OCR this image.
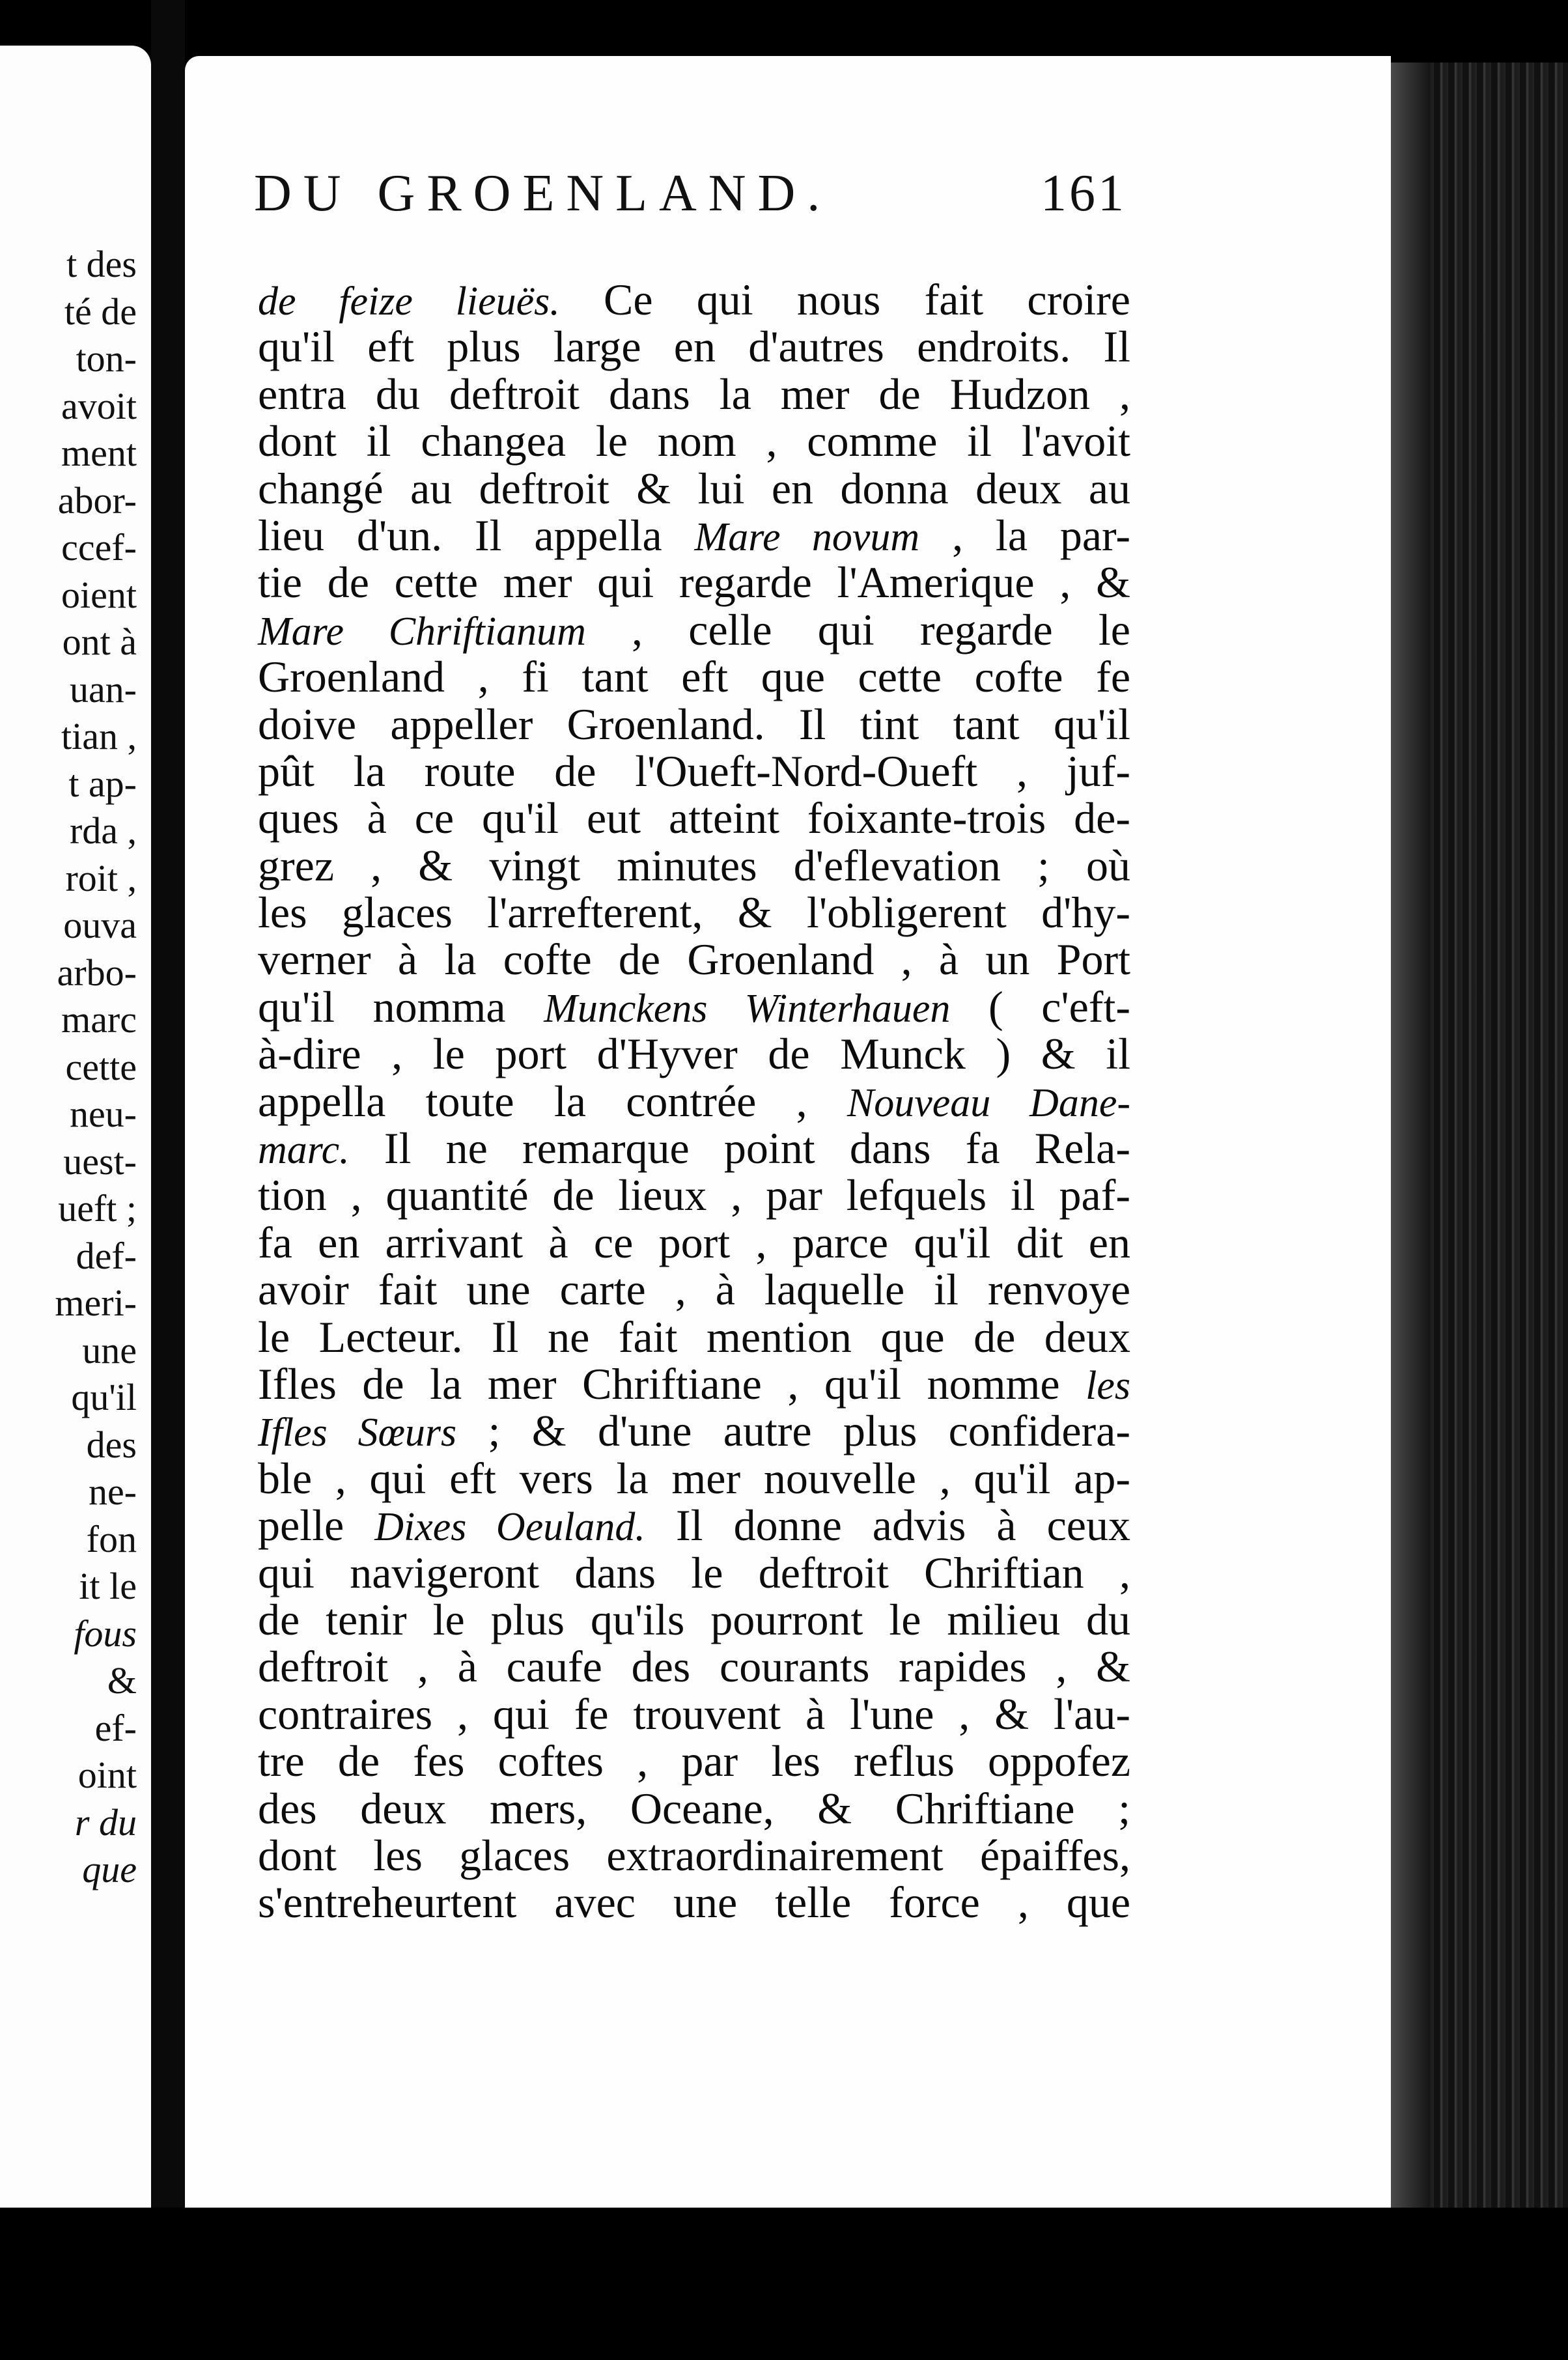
t des
té de
ton-
avoit
ment
abor-
ccef-
oient
ont à
uan-
tian ,
t ap-
rda ,
roit ,
ouva
arbo-
marc
cette
neu-
uest-
ueft ;
def-
meri-
une
qu'il
des
ne-
fon
it le
fous
&
ef-
oint
r du
que
DU GROENLAND.	161
de feize lieuës. Ce qui nous fait croire
qu'il eft plus large en d'autres endroits. Il
entra du deftroit dans la mer de Hudzon ,
dont il changea le nom , comme il l'avoit
changé au deftroit & lui en donna deux au
lieu d'un. Il appella Mare novum , la par-
tie de cette mer qui regarde l'Amerique , &
Mare Chriftianum , celle qui regarde le
Groenland , fi tant eft que cette cofte fe
doive appeller Groenland. Il tint tant qu'il
pût la route de l'Oueft-Nord-Oueft , juf-
ques à ce qu'il eut atteint foixante-trois de-
grez , & vingt minutes d'eflevation ; où
les glaces l'arrefterent, & l'obligerent d'hy-
verner à la cofte de Groenland , à un Port
qu'il nomma Munckens Winterhauen ( c'eft-
à-dire , le port d'Hyver de Munck ) & il
appella toute la contrée , Nouveau Dane-
marc. Il ne remarque point dans fa Rela-
tion , quantité de lieux , par lefquels il paf-
fa en arrivant à ce port , parce qu'il dit en
avoir fait une carte , à laquelle il renvoye
le Lecteur. Il ne fait mention que de deux
Ifles de la mer Chriftiane , qu'il nomme les
Ifles Sœurs ; & d'une autre plus confidera-
ble , qui eft vers la mer nouvelle , qu'il ap-
pelle Dixes Oeuland. Il donne advis à ceux
qui navigeront dans le deftroit Chriftian ,
de tenir le plus qu'ils pourront le milieu du
deftroit , à caufe des courants rapides , &
contraires , qui fe trouvent à l'une , & l'au-
tre de fes coftes , par les reflus oppofez
des deux mers, Oceane, & Chriftiane ;
dont les glaces extraordinairement épaiffes,
s'entreheurtent avec une telle force , que
